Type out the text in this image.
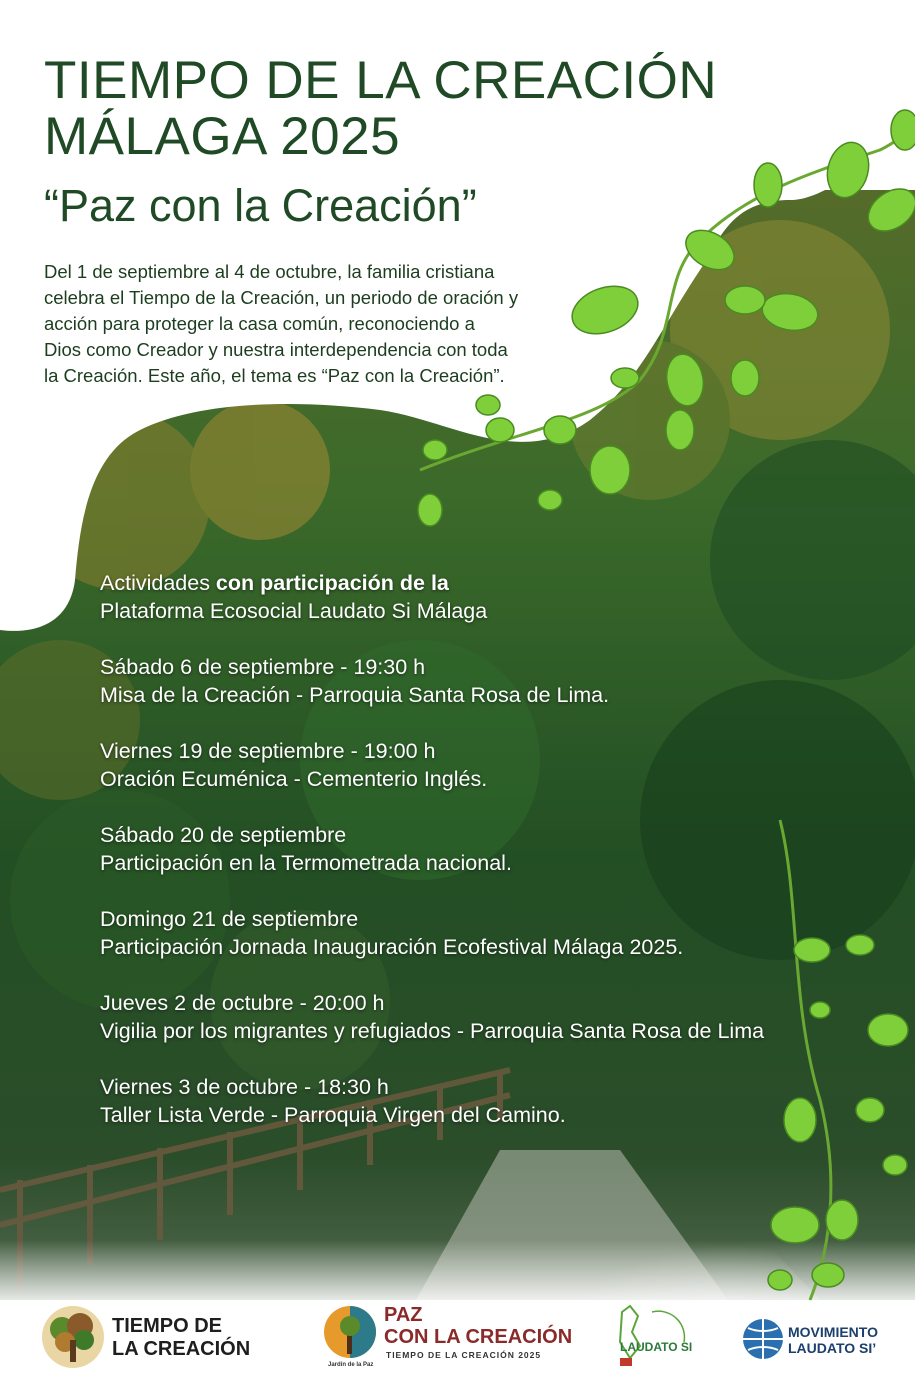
TIEMPO DE LA CREACIÓN
MÁLAGA 2025
“Paz con la Creación”
Del 1 de septiembre al 4 de octubre, la familia cristiana
celebra el Tiempo de la Creación, un periodo de oración y
acción para proteger la casa común, reconociendo a
Dios como Creador y nuestra interdependencia con toda
la Creación. Este año, el tema es “Paz con la Creación”.
Actividades con participación de la
Plataforma Ecosocial Laudato Si Málaga
Sábado 6 de septiembre - 19:30 h
Misa de la Creación - Parroquia Santa Rosa de Lima.
Viernes 19 de septiembre - 19:00 h
Oración Ecuménica - Cementerio Inglés.
Sábado 20 de septiembre
Participación en la Termometrada nacional.
Domingo 21 de septiembre
Participación Jornada Inauguración Ecofestival Málaga 2025.
Jueves 2 de octubre - 20:00 h
Vigilia por los migrantes y refugiados - Parroquia Santa Rosa de Lima
Viernes 3 de octubre - 18:30 h
Taller Lista Verde - Parroquia Virgen del Camino.
TIEMPO DE
LA CREACIÓN
Jardín de la Paz
PAZ
CON LA CREACIÓN
TIEMPO DE LA CREACIÓN 2025
LAUDATO SI
MOVIMIENTO
LAUDATO SI’
